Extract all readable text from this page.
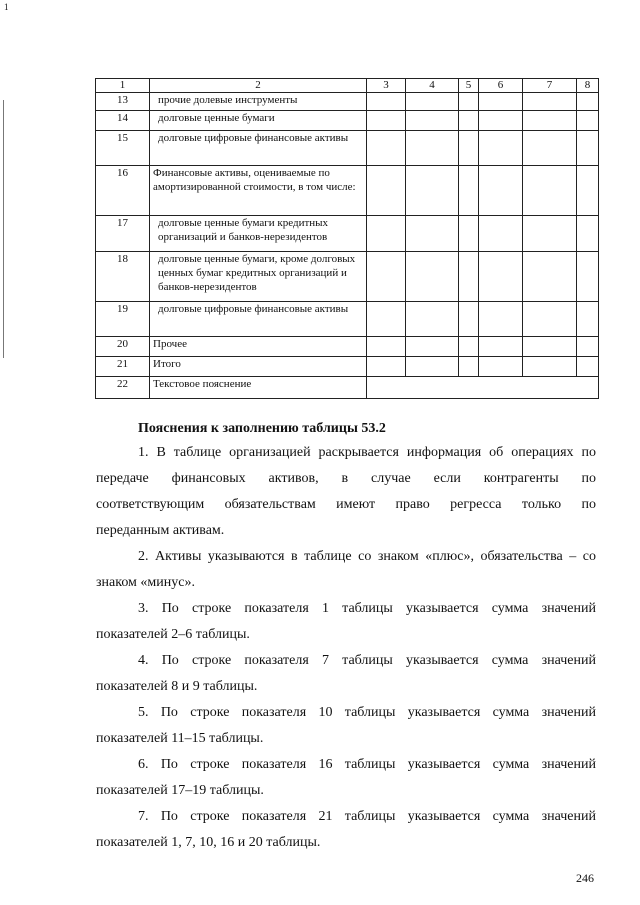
1
1	2	3	4	5	6	7	8
13	прочие долевые инструменты						
14	долговые ценные бумаги						
15	долговые цифровые финансовые активы						
16	Финансовые активы, оцениваемые по амортизированной стоимости, в том числе:						
17	долговые ценные бумаги кредитных организаций и банков-нерезидентов						
18	долговые ценные бумаги, кроме долговых ценных бумаг кредитных организаций и банков-нерезидентов						
19	долговые цифровые финансовые активы						
20	Прочее						
21	Итого						
22	Текстовое пояснение						
Пояснения к заполнению таблицы 53.2
1. В таблице организацией раскрывается информация об операциях по
передаче финансовых активов, в случае если контрагенты по
соответствующим обязательствам имеют право регресса только по
переданным активам.
2. Активы указываются в таблице со знаком «плюс», обязательства – со
знаком «минус».
3. По строке показателя 1 таблицы указывается сумма значений
показателей 2–6 таблицы.
4. По строке показателя 7 таблицы указывается сумма значений
показателей 8 и 9 таблицы.
5. По строке показателя 10 таблицы указывается сумма значений
показателей 11–15 таблицы.
6. По строке показателя 16 таблицы указывается сумма значений
показателей 17–19 таблицы.
7. По строке показателя 21 таблицы указывается сумма значений
показателей 1, 7, 10, 16 и 20 таблицы.
246
